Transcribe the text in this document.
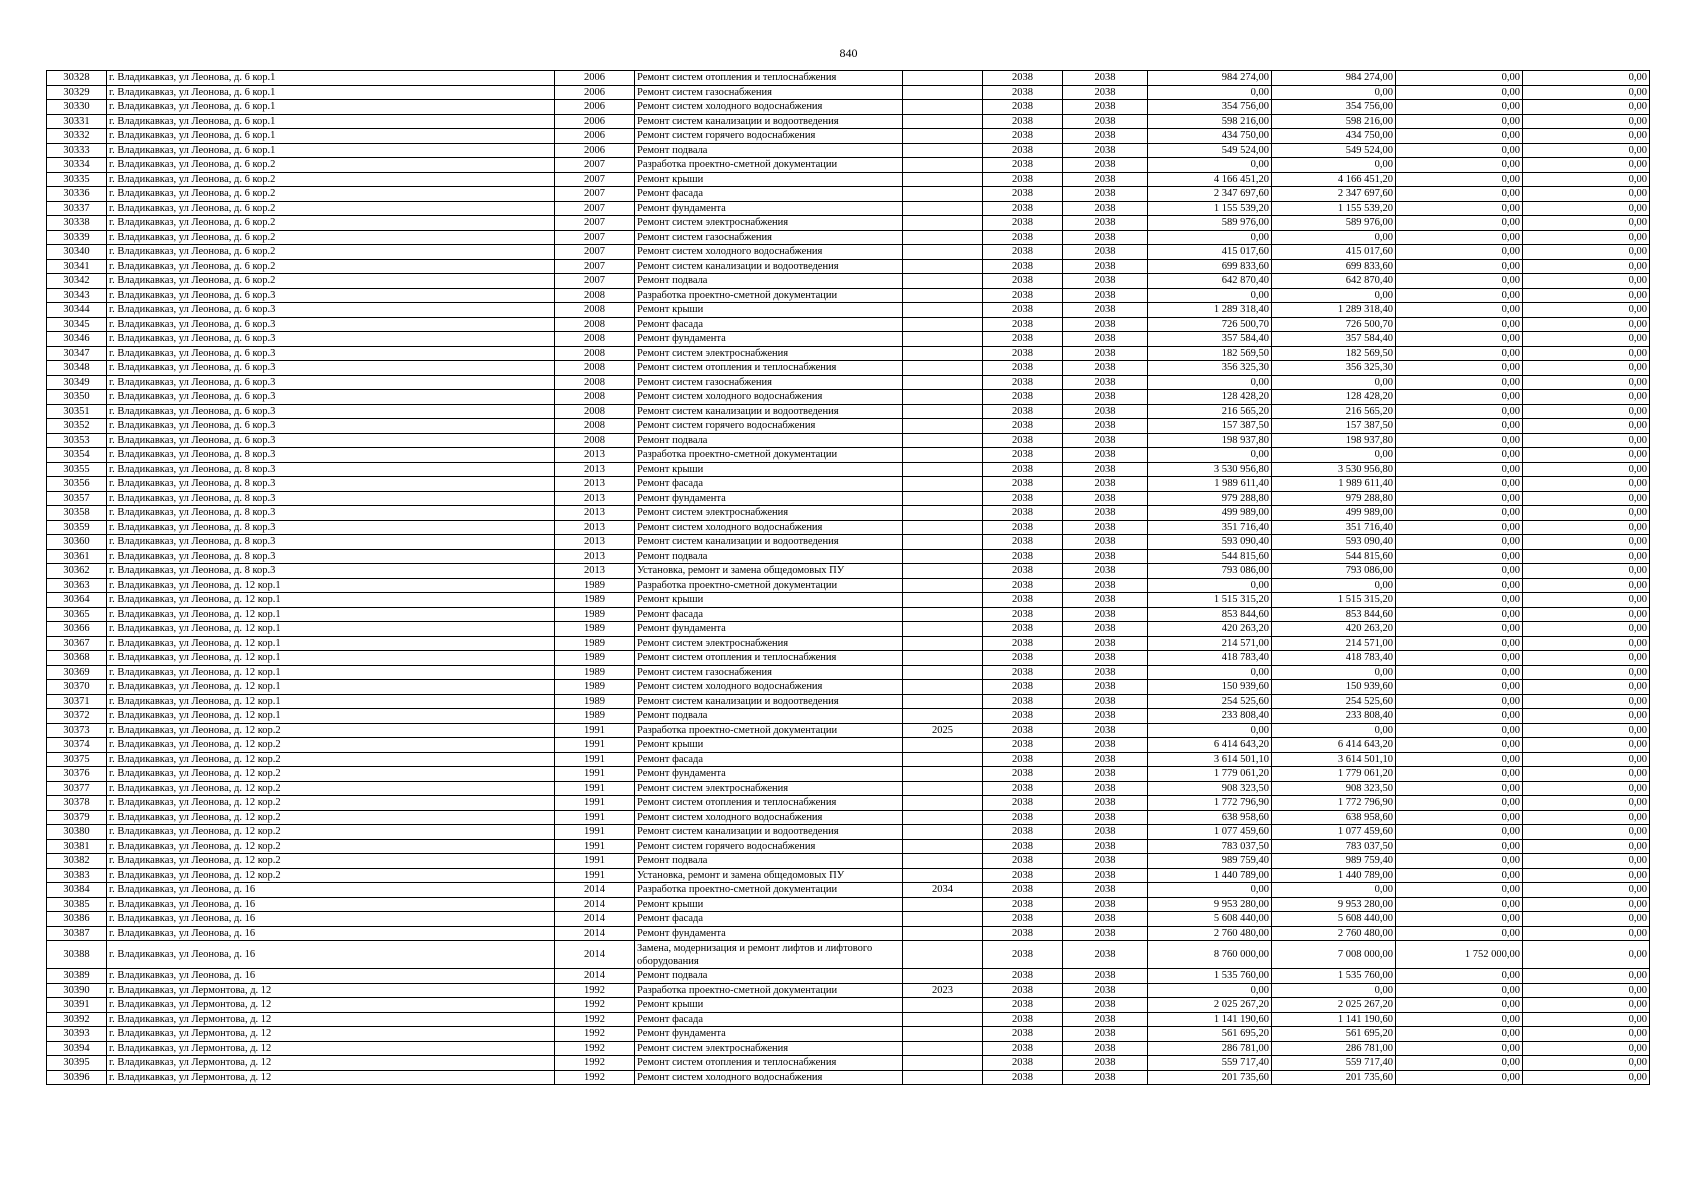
840
30328	г. Владикавказ, ул Леонова, д. 6 кор.1	2006	Ремонт систем отопления и теплоснабжения		2038	2038	984 274,00	984 274,00	0,00	0,00
30329	г. Владикавказ, ул Леонова, д. 6 кор.1	2006	Ремонт систем газоснабжения		2038	2038	0,00	0,00	0,00	0,00
30330	г. Владикавказ, ул Леонова, д. 6 кор.1	2006	Ремонт систем холодного водоснабжения		2038	2038	354 756,00	354 756,00	0,00	0,00
30331	г. Владикавказ, ул Леонова, д. 6 кор.1	2006	Ремонт систем канализации и водоотведения		2038	2038	598 216,00	598 216,00	0,00	0,00
30332	г. Владикавказ, ул Леонова, д. 6 кор.1	2006	Ремонт систем горячего водоснабжения		2038	2038	434 750,00	434 750,00	0,00	0,00
30333	г. Владикавказ, ул Леонова, д. 6 кор.1	2006	Ремонт подвала		2038	2038	549 524,00	549 524,00	0,00	0,00
30334	г. Владикавказ, ул Леонова, д. 6 кор.2	2007	Разработка проектно-сметной документации		2038	2038	0,00	0,00	0,00	0,00
30335	г. Владикавказ, ул Леонова, д. 6 кор.2	2007	Ремонт крыши		2038	2038	4 166 451,20	4 166 451,20	0,00	0,00
30336	г. Владикавказ, ул Леонова, д. 6 кор.2	2007	Ремонт фасада		2038	2038	2 347 697,60	2 347 697,60	0,00	0,00
30337	г. Владикавказ, ул Леонова, д. 6 кор.2	2007	Ремонт фундамента		2038	2038	1 155 539,20	1 155 539,20	0,00	0,00
30338	г. Владикавказ, ул Леонова, д. 6 кор.2	2007	Ремонт систем электроснабжения		2038	2038	589 976,00	589 976,00	0,00	0,00
30339	г. Владикавказ, ул Леонова, д. 6 кор.2	2007	Ремонт систем газоснабжения		2038	2038	0,00	0,00	0,00	0,00
30340	г. Владикавказ, ул Леонова, д. 6 кор.2	2007	Ремонт систем холодного водоснабжения		2038	2038	415 017,60	415 017,60	0,00	0,00
30341	г. Владикавказ, ул Леонова, д. 6 кор.2	2007	Ремонт систем канализации и водоотведения		2038	2038	699 833,60	699 833,60	0,00	0,00
30342	г. Владикавказ, ул Леонова, д. 6 кор.2	2007	Ремонт подвала		2038	2038	642 870,40	642 870,40	0,00	0,00
30343	г. Владикавказ, ул Леонова, д. 6 кор.3	2008	Разработка проектно-сметной документации		2038	2038	0,00	0,00	0,00	0,00
30344	г. Владикавказ, ул Леонова, д. 6 кор.3	2008	Ремонт крыши		2038	2038	1 289 318,40	1 289 318,40	0,00	0,00
30345	г. Владикавказ, ул Леонова, д. 6 кор.3	2008	Ремонт фасада		2038	2038	726 500,70	726 500,70	0,00	0,00
30346	г. Владикавказ, ул Леонова, д. 6 кор.3	2008	Ремонт фундамента		2038	2038	357 584,40	357 584,40	0,00	0,00
30347	г. Владикавказ, ул Леонова, д. 6 кор.3	2008	Ремонт систем электроснабжения		2038	2038	182 569,50	182 569,50	0,00	0,00
30348	г. Владикавказ, ул Леонова, д. 6 кор.3	2008	Ремонт систем отопления и теплоснабжения		2038	2038	356 325,30	356 325,30	0,00	0,00
30349	г. Владикавказ, ул Леонова, д. 6 кор.3	2008	Ремонт систем газоснабжения		2038	2038	0,00	0,00	0,00	0,00
30350	г. Владикавказ, ул Леонова, д. 6 кор.3	2008	Ремонт систем холодного водоснабжения		2038	2038	128 428,20	128 428,20	0,00	0,00
30351	г. Владикавказ, ул Леонова, д. 6 кор.3	2008	Ремонт систем канализации и водоотведения		2038	2038	216 565,20	216 565,20	0,00	0,00
30352	г. Владикавказ, ул Леонова, д. 6 кор.3	2008	Ремонт систем горячего водоснабжения		2038	2038	157 387,50	157 387,50	0,00	0,00
30353	г. Владикавказ, ул Леонова, д. 6 кор.3	2008	Ремонт подвала		2038	2038	198 937,80	198 937,80	0,00	0,00
30354	г. Владикавказ, ул Леонова, д. 8 кор.3	2013	Разработка проектно-сметной документации		2038	2038	0,00	0,00	0,00	0,00
30355	г. Владикавказ, ул Леонова, д. 8 кор.3	2013	Ремонт крыши		2038	2038	3 530 956,80	3 530 956,80	0,00	0,00
30356	г. Владикавказ, ул Леонова, д. 8 кор.3	2013	Ремонт фасада		2038	2038	1 989 611,40	1 989 611,40	0,00	0,00
30357	г. Владикавказ, ул Леонова, д. 8 кор.3	2013	Ремонт фундамента		2038	2038	979 288,80	979 288,80	0,00	0,00
30358	г. Владикавказ, ул Леонова, д. 8 кор.3	2013	Ремонт систем электроснабжения		2038	2038	499 989,00	499 989,00	0,00	0,00
30359	г. Владикавказ, ул Леонова, д. 8 кор.3	2013	Ремонт систем холодного водоснабжения		2038	2038	351 716,40	351 716,40	0,00	0,00
30360	г. Владикавказ, ул Леонова, д. 8 кор.3	2013	Ремонт систем канализации и водоотведения		2038	2038	593 090,40	593 090,40	0,00	0,00
30361	г. Владикавказ, ул Леонова, д. 8 кор.3	2013	Ремонт подвала		2038	2038	544 815,60	544 815,60	0,00	0,00
30362	г. Владикавказ, ул Леонова, д. 8 кор.3	2013	Установка, ремонт и замена общедомовых ПУ		2038	2038	793 086,00	793 086,00	0,00	0,00
30363	г. Владикавказ, ул Леонова, д. 12 кор.1	1989	Разработка проектно-сметной документации		2038	2038	0,00	0,00	0,00	0,00
30364	г. Владикавказ, ул Леонова, д. 12 кор.1	1989	Ремонт крыши		2038	2038	1 515 315,20	1 515 315,20	0,00	0,00
30365	г. Владикавказ, ул Леонова, д. 12 кор.1	1989	Ремонт фасада		2038	2038	853 844,60	853 844,60	0,00	0,00
30366	г. Владикавказ, ул Леонова, д. 12 кор.1	1989	Ремонт фундамента		2038	2038	420 263,20	420 263,20	0,00	0,00
30367	г. Владикавказ, ул Леонова, д. 12 кор.1	1989	Ремонт систем электроснабжения		2038	2038	214 571,00	214 571,00	0,00	0,00
30368	г. Владикавказ, ул Леонова, д. 12 кор.1	1989	Ремонт систем отопления и теплоснабжения		2038	2038	418 783,40	418 783,40	0,00	0,00
30369	г. Владикавказ, ул Леонова, д. 12 кор.1	1989	Ремонт систем газоснабжения		2038	2038	0,00	0,00	0,00	0,00
30370	г. Владикавказ, ул Леонова, д. 12 кор.1	1989	Ремонт систем холодного водоснабжения		2038	2038	150 939,60	150 939,60	0,00	0,00
30371	г. Владикавказ, ул Леонова, д. 12 кор.1	1989	Ремонт систем канализации и водоотведения		2038	2038	254 525,60	254 525,60	0,00	0,00
30372	г. Владикавказ, ул Леонова, д. 12 кор.1	1989	Ремонт подвала		2038	2038	233 808,40	233 808,40	0,00	0,00
30373	г. Владикавказ, ул Леонова, д. 12 кор.2	1991	Разработка проектно-сметной документации	2025	2038	2038	0,00	0,00	0,00	0,00
30374	г. Владикавказ, ул Леонова, д. 12 кор.2	1991	Ремонт крыши		2038	2038	6 414 643,20	6 414 643,20	0,00	0,00
30375	г. Владикавказ, ул Леонова, д. 12 кор.2	1991	Ремонт фасада		2038	2038	3 614 501,10	3 614 501,10	0,00	0,00
30376	г. Владикавказ, ул Леонова, д. 12 кор.2	1991	Ремонт фундамента		2038	2038	1 779 061,20	1 779 061,20	0,00	0,00
30377	г. Владикавказ, ул Леонова, д. 12 кор.2	1991	Ремонт систем электроснабжения		2038	2038	908 323,50	908 323,50	0,00	0,00
30378	г. Владикавказ, ул Леонова, д. 12 кор.2	1991	Ремонт систем отопления и теплоснабжения		2038	2038	1 772 796,90	1 772 796,90	0,00	0,00
30379	г. Владикавказ, ул Леонова, д. 12 кор.2	1991	Ремонт систем холодного водоснабжения		2038	2038	638 958,60	638 958,60	0,00	0,00
30380	г. Владикавказ, ул Леонова, д. 12 кор.2	1991	Ремонт систем канализации и водоотведения		2038	2038	1 077 459,60	1 077 459,60	0,00	0,00
30381	г. Владикавказ, ул Леонова, д. 12 кор.2	1991	Ремонт систем горячего водоснабжения		2038	2038	783 037,50	783 037,50	0,00	0,00
30382	г. Владикавказ, ул Леонова, д. 12 кор.2	1991	Ремонт подвала		2038	2038	989 759,40	989 759,40	0,00	0,00
30383	г. Владикавказ, ул Леонова, д. 12 кор.2	1991	Установка, ремонт и замена общедомовых ПУ		2038	2038	1 440 789,00	1 440 789,00	0,00	0,00
30384	г. Владикавказ, ул Леонова, д. 16	2014	Разработка проектно-сметной документации	2034	2038	2038	0,00	0,00	0,00	0,00
30385	г. Владикавказ, ул Леонова, д. 16	2014	Ремонт крыши		2038	2038	9 953 280,00	9 953 280,00	0,00	0,00
30386	г. Владикавказ, ул Леонова, д. 16	2014	Ремонт фасада		2038	2038	5 608 440,00	5 608 440,00	0,00	0,00
30387	г. Владикавказ, ул Леонова, д. 16	2014	Ремонт фундамента		2038	2038	2 760 480,00	2 760 480,00	0,00	0,00
30388	г. Владикавказ, ул Леонова, д. 16	2014	Замена, модернизация и ремонт лифтов и лифтового оборудования		2038	2038	8 760 000,00	7 008 000,00	1 752 000,00	0,00
30389	г. Владикавказ, ул Леонова, д. 16	2014	Ремонт подвала		2038	2038	1 535 760,00	1 535 760,00	0,00	0,00
30390	г. Владикавказ, ул Лермонтова, д. 12	1992	Разработка проектно-сметной документации	2023	2038	2038	0,00	0,00	0,00	0,00
30391	г. Владикавказ, ул Лермонтова, д. 12	1992	Ремонт крыши		2038	2038	2 025 267,20	2 025 267,20	0,00	0,00
30392	г. Владикавказ, ул Лермонтова, д. 12	1992	Ремонт фасада		2038	2038	1 141 190,60	1 141 190,60	0,00	0,00
30393	г. Владикавказ, ул Лермонтова, д. 12	1992	Ремонт фундамента		2038	2038	561 695,20	561 695,20	0,00	0,00
30394	г. Владикавказ, ул Лермонтова, д. 12	1992	Ремонт систем электроснабжения		2038	2038	286 781,00	286 781,00	0,00	0,00
30395	г. Владикавказ, ул Лермонтова, д. 12	1992	Ремонт систем отопления и теплоснабжения		2038	2038	559 717,40	559 717,40	0,00	0,00
30396	г. Владикавказ, ул Лермонтова, д. 12	1992	Ремонт систем холодного водоснабжения		2038	2038	201 735,60	201 735,60	0,00	0,00
